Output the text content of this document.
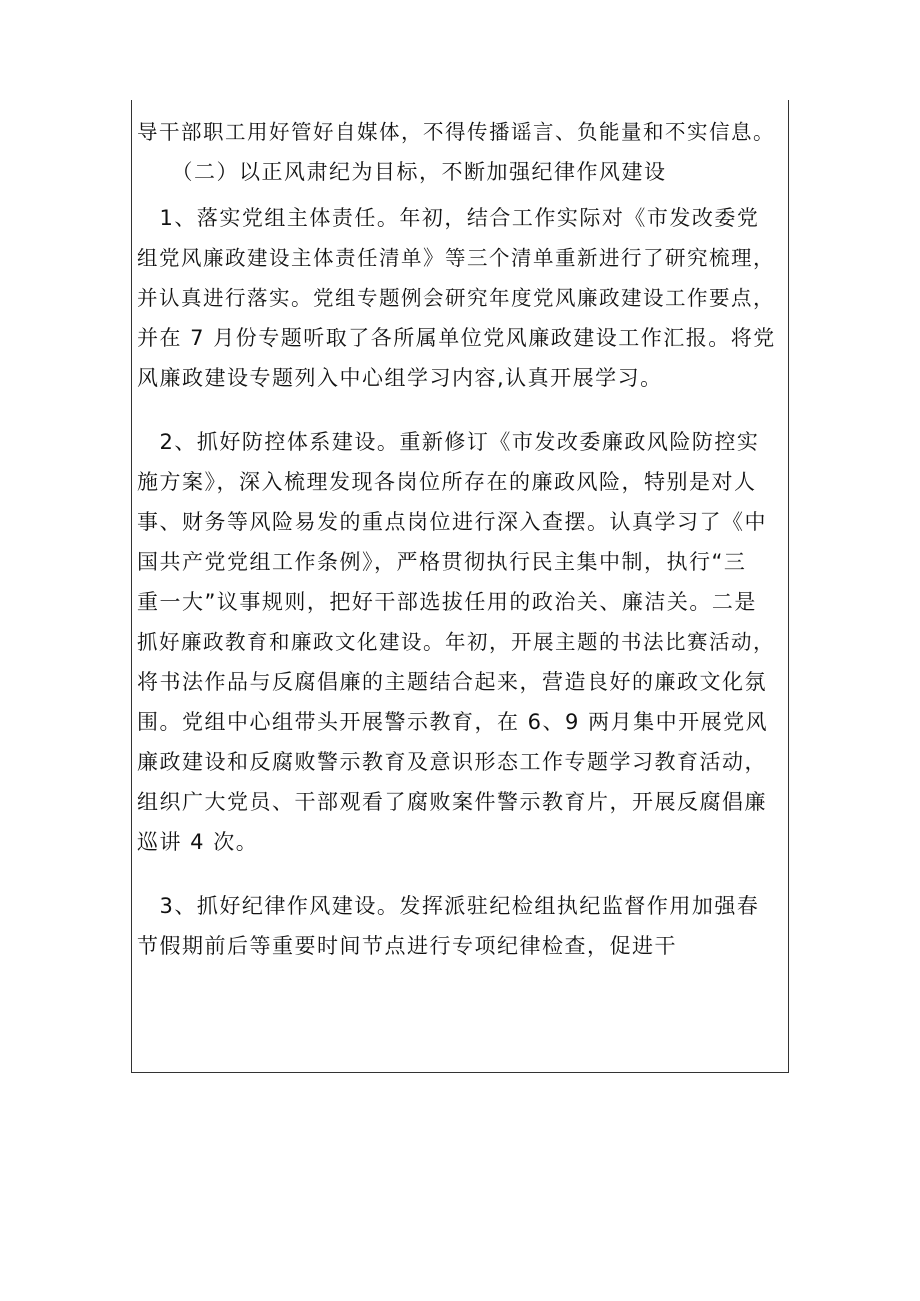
导干部职工用好管好自媒体，不得传播谣言、负能量和不实信息。
　　（二）以正风肃纪为目标，不断加强纪律作风建设
　1、落实党组主体责任。年初，结合工作实际对《市发改委党
组党风廉政建设主体责任清单》等三个清单重新进行了研究梳理，
并认真进行落实。党组专题例会研究年度党风廉政建设工作要点，
并在 7 月份专题听取了各所属单位党风廉政建设工作汇报。将党
风廉政建设专题列入中心组学习内容,认真开展学习。
　2、抓好防控体系建设。重新修订《市发改委廉政风险防控实
施方案》，深入梳理发现各岗位所存在的廉政风险，特别是对人
事、财务等风险易发的重点岗位进行深入查摆。认真学习了《中
国共产党党组工作条例》，严格贯彻执行民主集中制，执行“三
重一大”议事规则，把好干部选拔任用的政治关、廉洁关。二是
抓好廉政教育和廉政文化建设。年初，开展主题的书法比赛活动，
将书法作品与反腐倡廉的主题结合起来，营造良好的廉政文化氛
围。党组中心组带头开展警示教育，在 6、9 两月集中开展党风
廉政建设和反腐败警示教育及意识形态工作专题学习教育活动，
组织广大党员、干部观看了腐败案件警示教育片，开展反腐倡廉
巡讲 4 次。
　3、抓好纪律作风建设。发挥派驻纪检组执纪监督作用加强春
节假期前后等重要时间节点进行专项纪律检查，促进干
